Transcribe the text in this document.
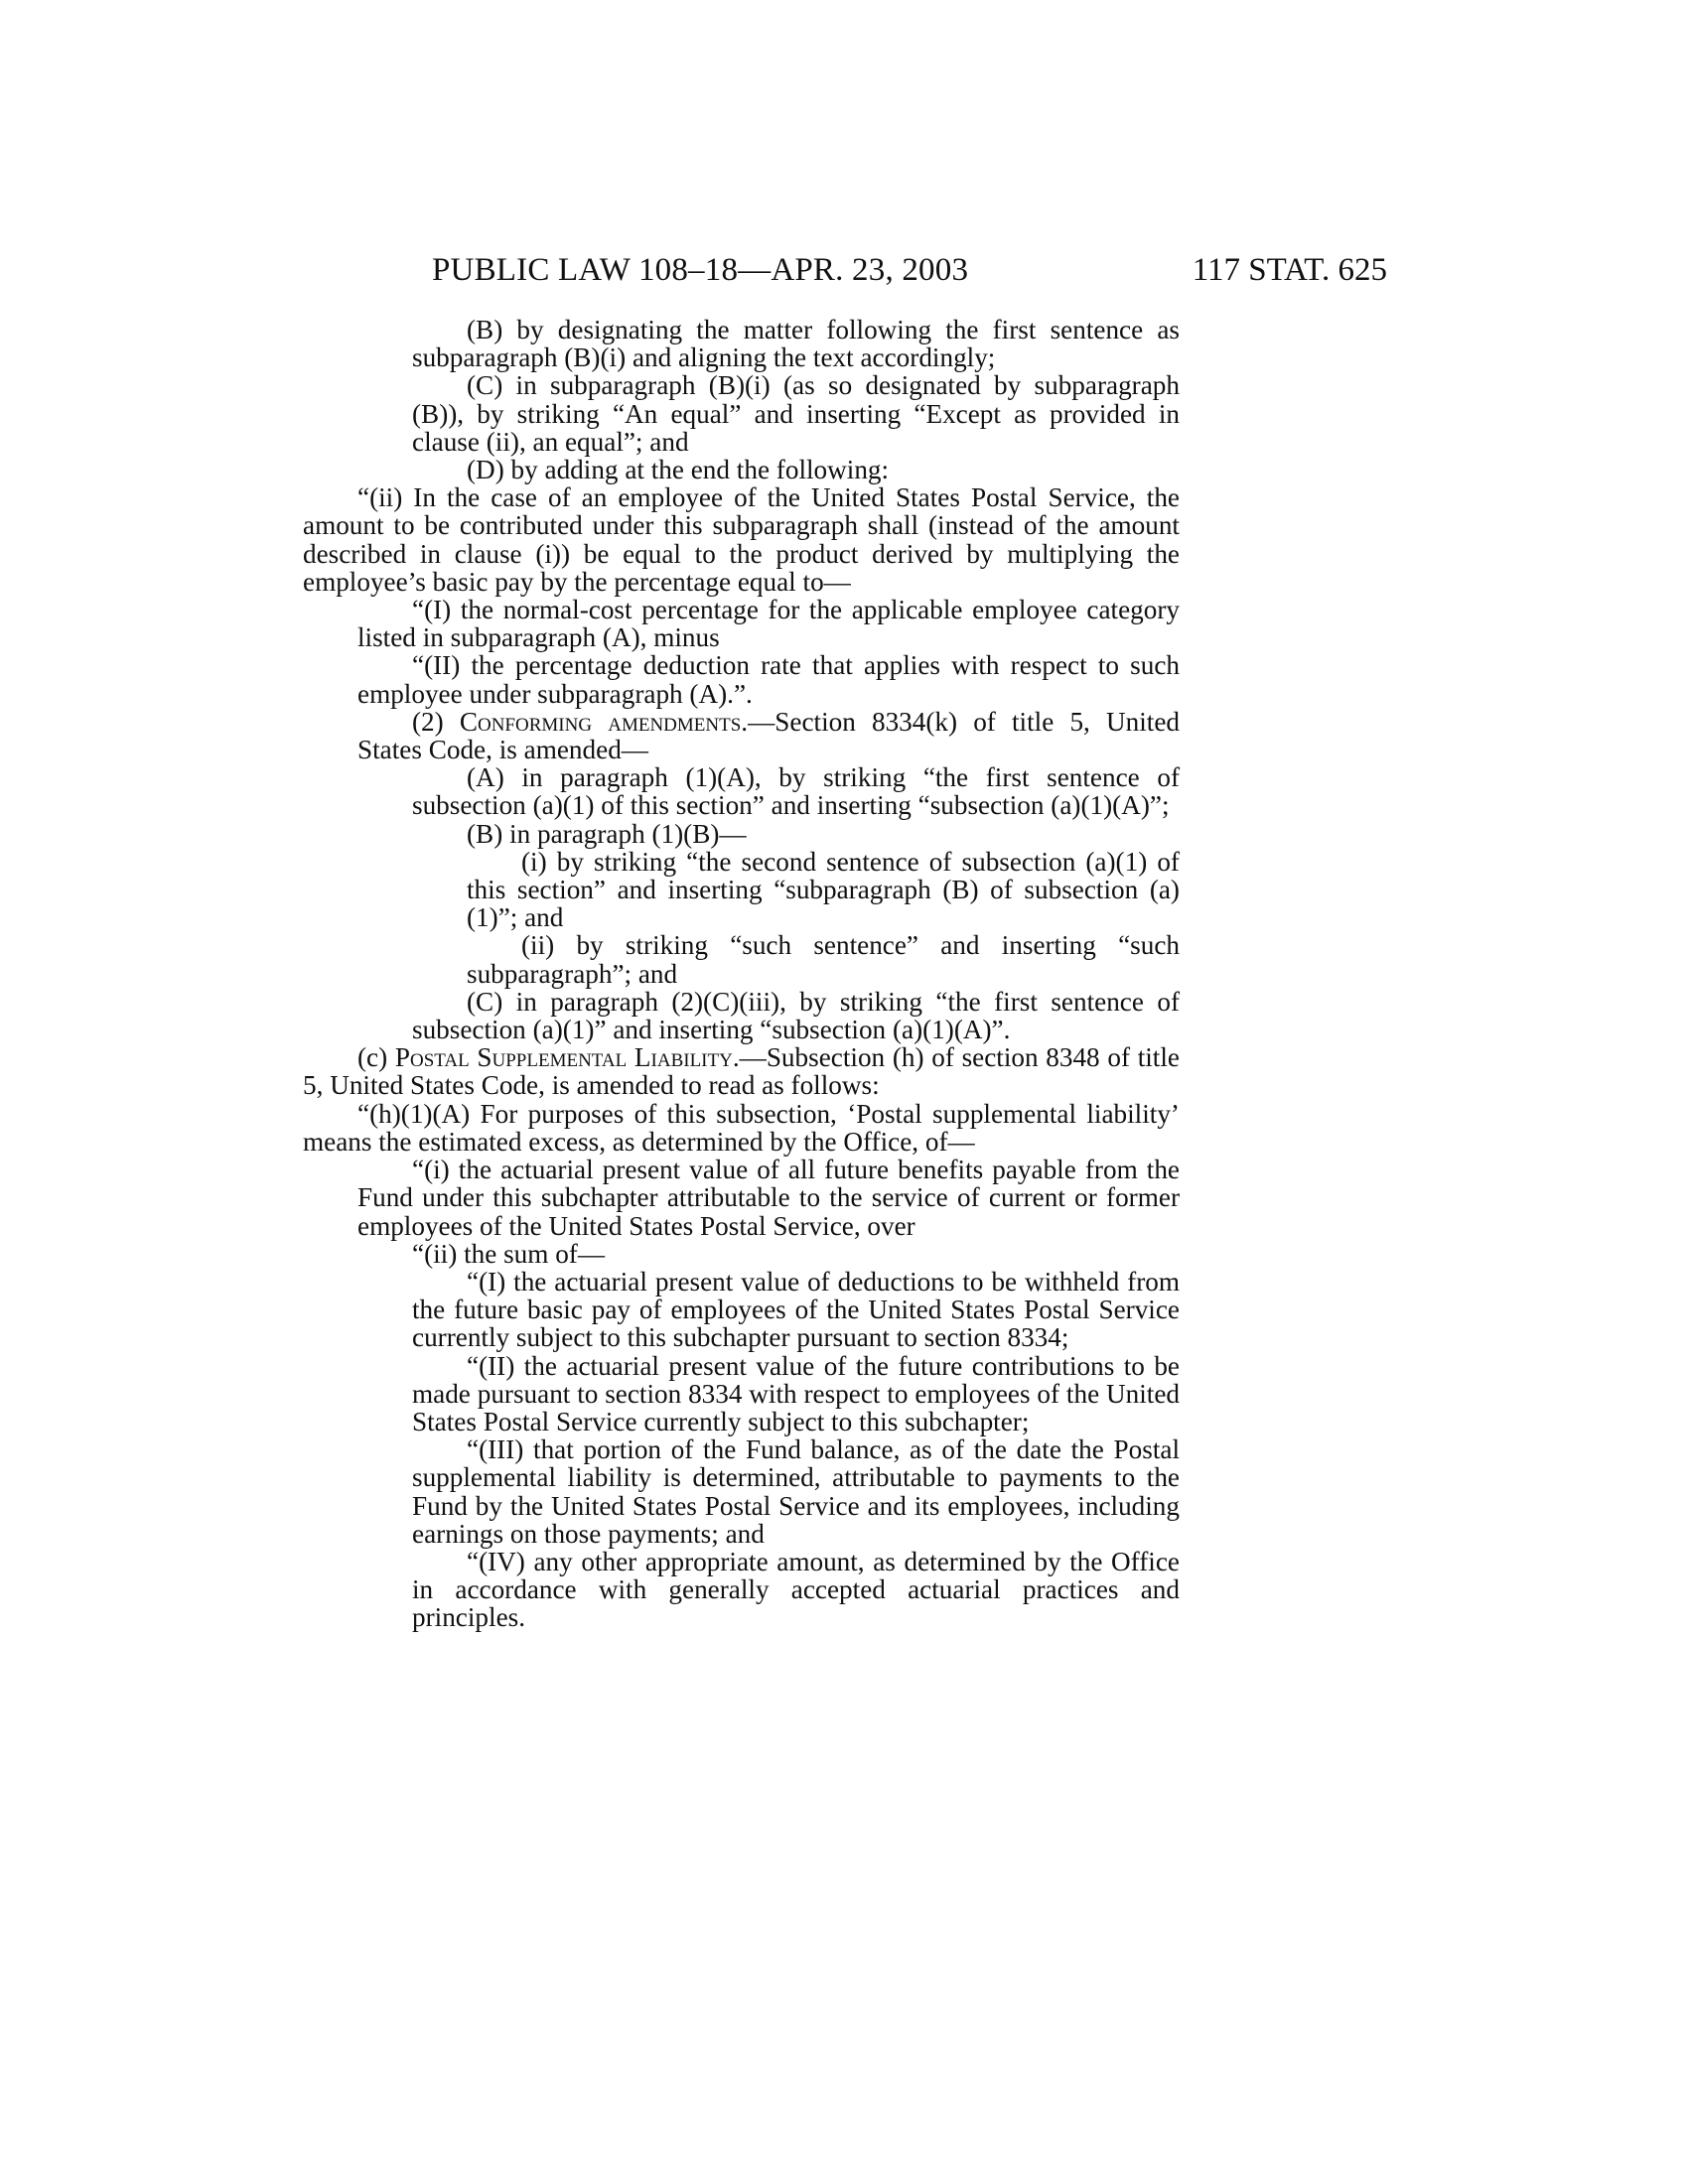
PUBLIC LAW 108–18—APR. 23, 2003	117 STAT. 625

(B) by designating the matter following the first sentence as subparagraph (B)(i) and aligning the text accordingly;

(C) in subparagraph (B)(i) (as so designated by subparagraph (B)), by striking “An equal” and inserting “Except as provided in clause (ii), an equal”; and

(D) by adding at the end the following:

“(ii) In the case of an employee of the United States Postal Service, the amount to be contributed under this subparagraph shall (instead of the amount described in clause (i)) be equal to the product derived by multiplying the employee’s basic pay by the percentage equal to—

“(I) the normal-cost percentage for the applicable employee category listed in subparagraph (A), minus

“(II) the percentage deduction rate that applies with respect to such employee under subparagraph (A).”.

(2) Conforming amendments.—Section 8334(k) of title 5, United States Code, is amended—

(A) in paragraph (1)(A), by striking “the first sentence of subsection (a)(1) of this section” and inserting “subsection (a)(1)(A)”;

(B) in paragraph (1)(B)—

(i) by striking “the second sentence of subsection (a)(1) of this section” and inserting “subparagraph (B) of subsection (a)(1)”; and

(ii) by striking “such sentence” and inserting “such subparagraph”; and

(C) in paragraph (2)(C)(iii), by striking “the first sentence of subsection (a)(1)” and inserting “subsection (a)(1)(A)”.

(c) Postal Supplemental Liability.—Subsection (h) of section 8348 of title 5, United States Code, is amended to read as follows:

“(h)(1)(A) For purposes of this subsection, ‘Postal supplemental liability’ means the estimated excess, as determined by the Office, of—

“(i) the actuarial present value of all future benefits payable from the Fund under this subchapter attributable to the service of current or former employees of the United States Postal Service, over

“(ii) the sum of—

“(I) the actuarial present value of deductions to be withheld from the future basic pay of employees of the United States Postal Service currently subject to this subchapter pursuant to section 8334;

“(II) the actuarial present value of the future contributions to be made pursuant to section 8334 with respect to employees of the United States Postal Service currently subject to this subchapter;

“(III) that portion of the Fund balance, as of the date the Postal supplemental liability is determined, attributable to payments to the Fund by the United States Postal Service and its employees, including earnings on those payments; and

“(IV) any other appropriate amount, as determined by the Office in accordance with generally accepted actuarial practices and principles.
